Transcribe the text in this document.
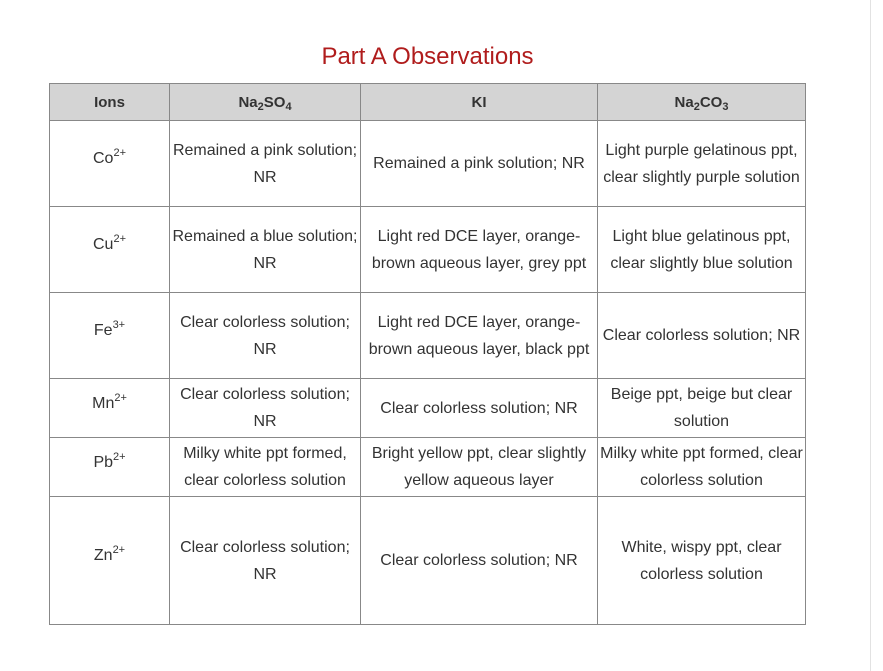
Part A Observations
Ions	$Na_2SO_4$	KI	$Na_2CO_3$
$Co^{2+}$	Remained a pink solution; NR	Remained a pink solution; NR	Light purple gelatinous ppt, clear slightly purple solution
$Cu^{2+}$	Remained a blue solution; NR	Light red DCE layer, orange-brown aqueous layer, grey ppt	Light blue gelatinous ppt, clear slightly blue solution
$Fe^{3+}$	Clear colorless solution; NR	Light red DCE layer, orange-brown aqueous layer, black ppt	Clear colorless solution; NR
$Mn^{2+}$	Clear colorless solution; NR	Clear colorless solution; NR	Beige ppt, beige but clear solution
$Pb^{2+}$	Milky white ppt formed, clear colorless solution	Bright yellow ppt, clear slightly yellow aqueous layer	Milky white ppt formed, clear colorless solution
$Zn^{2+}$	Clear colorless solution; NR	Clear colorless solution; NR	White, wispy ppt, clear colorless solution
